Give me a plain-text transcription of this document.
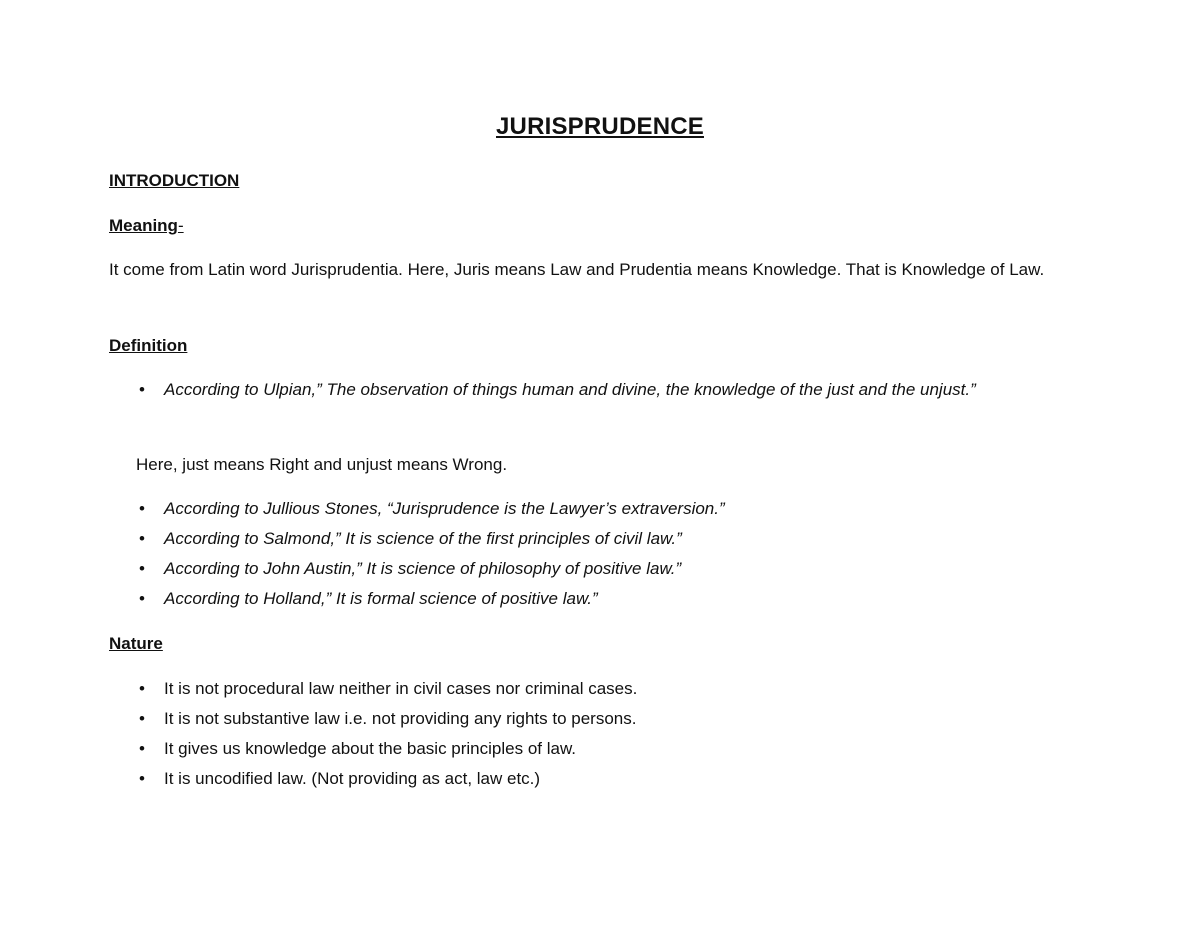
JURISPRUDENCE
INTRODUCTION
Meaning-
It come from Latin word Jurisprudentia. Here, Juris means Law and Prudentia means Knowledge. That is Knowledge of Law.
Definition
• According to Ulpian,” The observation of things human and divine, the knowledge of the just and the unjust.”
Here, just means Right and unjust means Wrong.
• According to Jullious Stones, “Jurisprudence is the Lawyer’s extraversion.”
• According to Salmond,” It is science of the first principles of civil law.”
• According to John Austin,” It is science of philosophy of positive law.”
• According to Holland,” It is formal science of positive law.”
Nature
• It is not procedural law neither in civil cases nor criminal cases.
• It is not substantive law i.e. not providing any rights to persons.
• It gives us knowledge about the basic principles of law.
• It is uncodified law. (Not providing as act, law etc.)
